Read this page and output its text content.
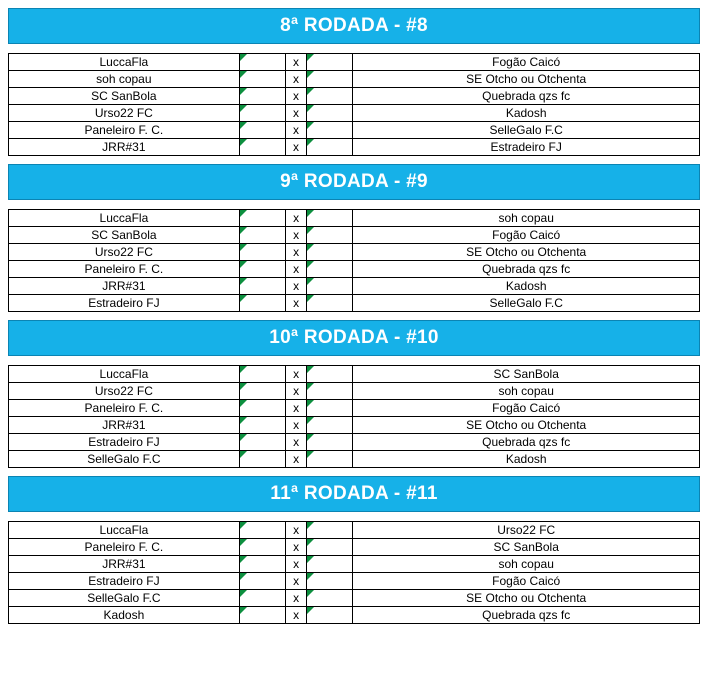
8ª RODADA - #8
LuccaFla		x		Fogão Caicó
soh copau		x		SE Otcho ou Otchenta
SC SanBola		x		Quebrada qzs fc
Urso22 FC		x		Kadosh
Paneleiro F. C.		x		SelleGalo F.C
JRR#31		x		Estradeiro FJ
9ª RODADA - #9
LuccaFla		x		soh copau
SC SanBola		x		Fogão Caicó
Urso22 FC		x		SE Otcho ou Otchenta
Paneleiro F. C.		x		Quebrada qzs fc
JRR#31		x		Kadosh
Estradeiro FJ		x		SelleGalo F.C
10ª RODADA - #10
LuccaFla		x		SC SanBola
Urso22 FC		x		soh copau
Paneleiro F. C.		x		Fogão Caicó
JRR#31		x		SE Otcho ou Otchenta
Estradeiro FJ		x		Quebrada qzs fc
SelleGalo F.C		x		Kadosh
11ª RODADA - #11
LuccaFla		x		Urso22 FC
Paneleiro F. C.		x		SC SanBola
JRR#31		x		soh copau
Estradeiro FJ		x		Fogão Caicó
SelleGalo F.C		x		SE Otcho ou Otchenta
Kadosh		x		Quebrada qzs fc
